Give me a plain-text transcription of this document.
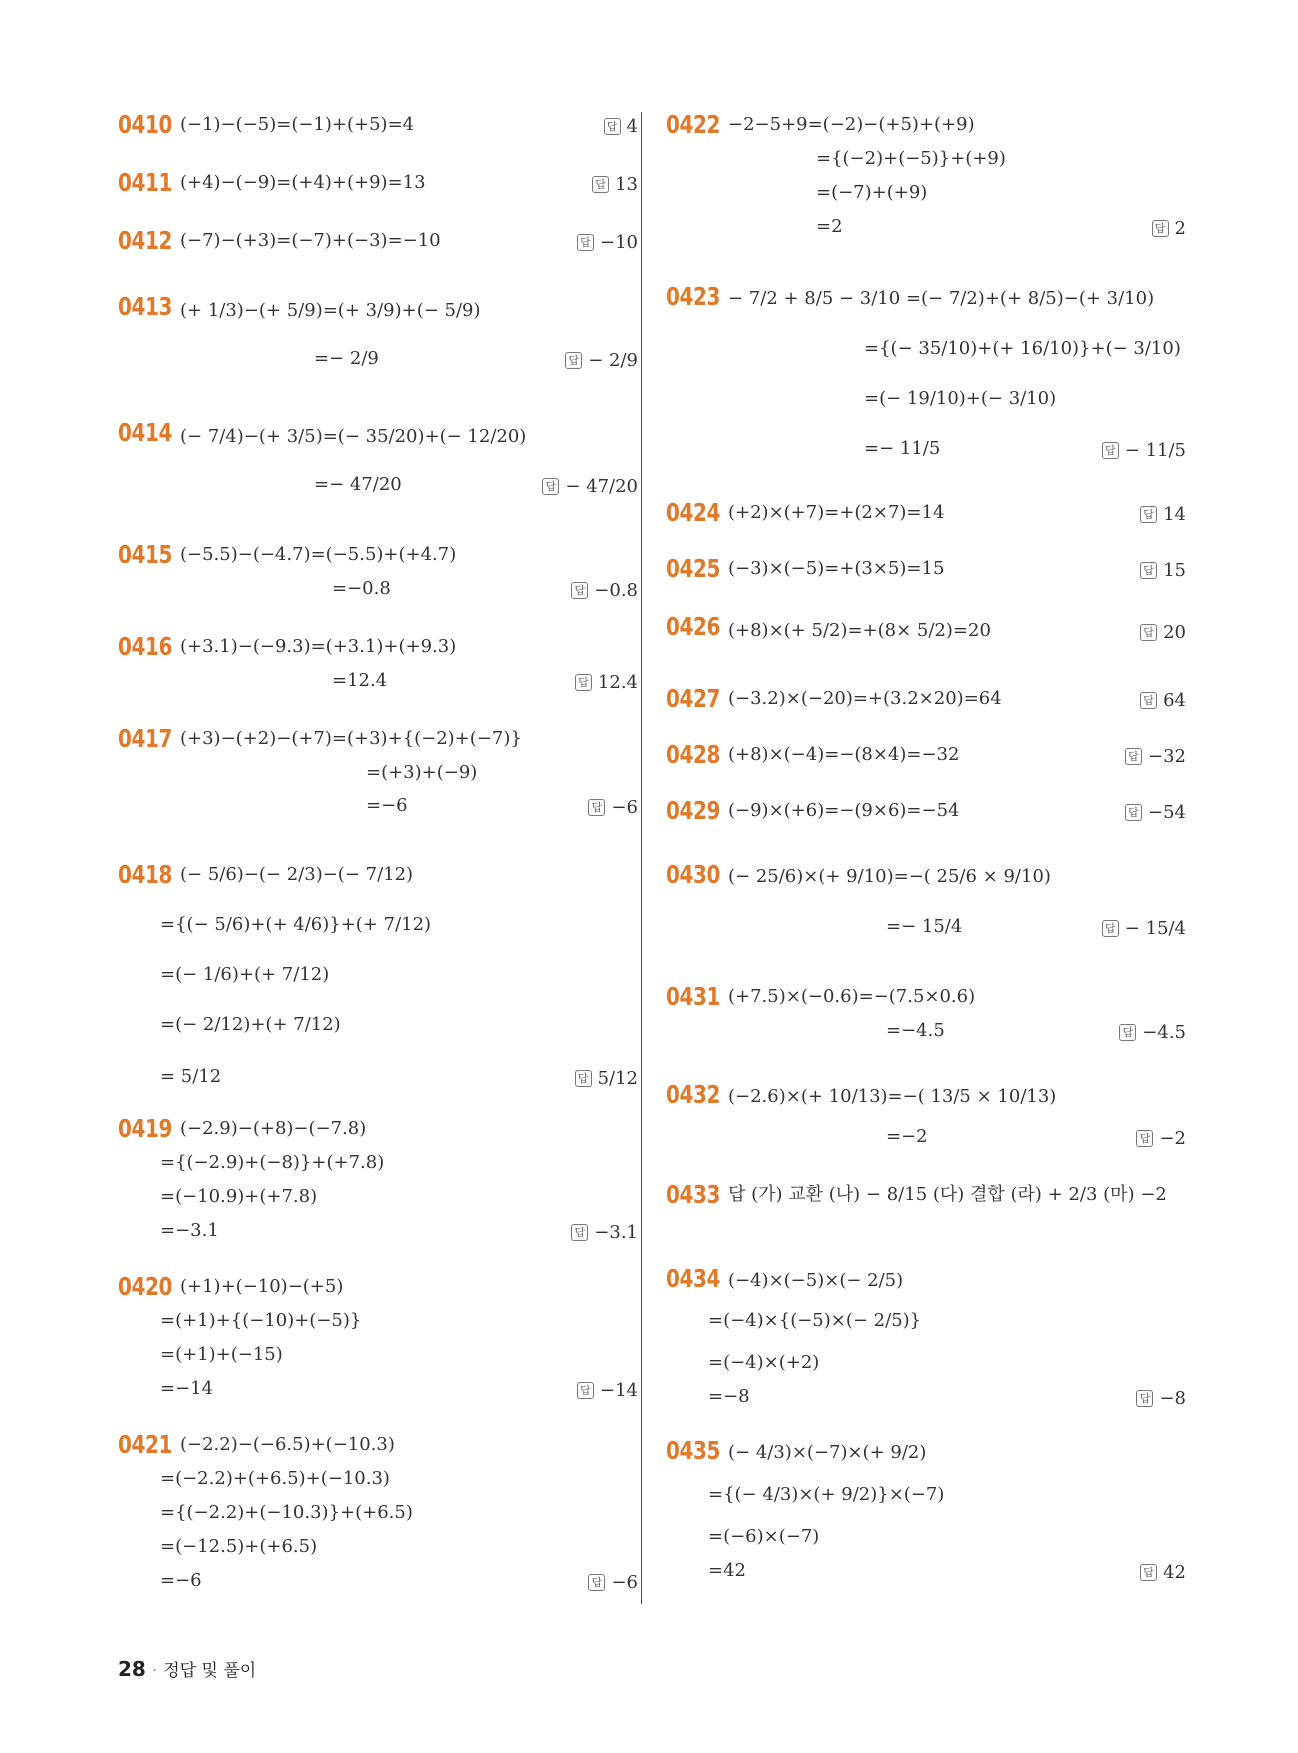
0410 (−1)−(−5)=(−1)+(+5)=4	답 4
0411 (+4)−(−9)=(+4)+(+9)=13	답 13
0412 (−7)−(+3)=(−7)+(−3)=−10	답 −10
0413 (+ 1/3)−(+ 5/9)=(+ 3/9)+(− 5/9)
=− 2/9	답 − 2/9
0414 (− 7/4)−(+ 3/5)=(− 35/20)+(− 12/20)
=− 47/20	답 − 47/20
0415 (−5.5)−(−4.7)=(−5.5)+(+4.7)
=−0.8	답 −0.8
0416 (+3.1)−(−9.3)=(+3.1)+(+9.3)
=12.4	답 12.4
0417 (+3)−(+2)−(+7)=(+3)+{(−2)+(−7)}
=(+3)+(−9)
=−6	답 −6
0418 (− 5/6)−(− 2/3)−(− 7/12)
={(− 5/6)+(+ 4/6)}+(+ 7/12)
=(− 1/6)+(+ 7/12)
=(− 2/12)+(+ 7/12)
= 5/12	답 5/12
0419 (−2.9)−(+8)−(−7.8)
={(−2.9)+(−8)}+(+7.8)
=(−10.9)+(+7.8)
=−3.1	답 −3.1
0420 (+1)+(−10)−(+5)
=(+1)+{(−10)+(−5)}
=(+1)+(−15)
=−14	답 −14
0421 (−2.2)−(−6.5)+(−10.3)
=(−2.2)+(+6.5)+(−10.3)
={(−2.2)+(−10.3)}+(+6.5)
=(−12.5)+(+6.5)
=−6	답 −6
0422 −2−5+9=(−2)−(+5)+(+9)
={(−2)+(−5)}+(+9)
=(−7)+(+9)
=2	답 2
0423 − 7/2 + 8/5 − 3/10 =(− 7/2)+(+ 8/5)−(+ 3/10)
={(− 35/10)+(+ 16/10)}+(− 3/10)
=(− 19/10)+(− 3/10)
=− 11/5	답 − 11/5
0424 (+2)×(+7)=+(2×7)=14	답 14
0425 (−3)×(−5)=+(3×5)=15	답 15
0426 (+8)×(+ 5/2)=+(8× 5/2)=20	답 20
0427 (−3.2)×(−20)=+(3.2×20)=64	답 64
0428 (+8)×(−4)=−(8×4)=−32	답 −32
0429 (−9)×(+6)=−(9×6)=−54	답 −54
0430 (− 25/6)×(+ 9/10)=−( 25/6 × 9/10)
=− 15/4	답 − 15/4
0431 (+7.5)×(−0.6)=−(7.5×0.6)
=−4.5	답 −4.5
0432 (−2.6)×(+ 10/13)=−( 13/5 × 10/13)
=−2	답 −2
0433 답 (가) 교환 (나) − 8/15 (다) 결합 (라) + 2/3 (마) −2
0434 (−4)×(−5)×(− 2/5)
=(−4)×{(−5)×(− 2/5)}
=(−4)×(+2)
=−8	답 −8
0435 (− 4/3)×(−7)×(+ 9/2)
={(− 4/3)×(+ 9/2)}×(−7)
=(−6)×(−7)
=42	답 42
28 · 정답 및 풀이
